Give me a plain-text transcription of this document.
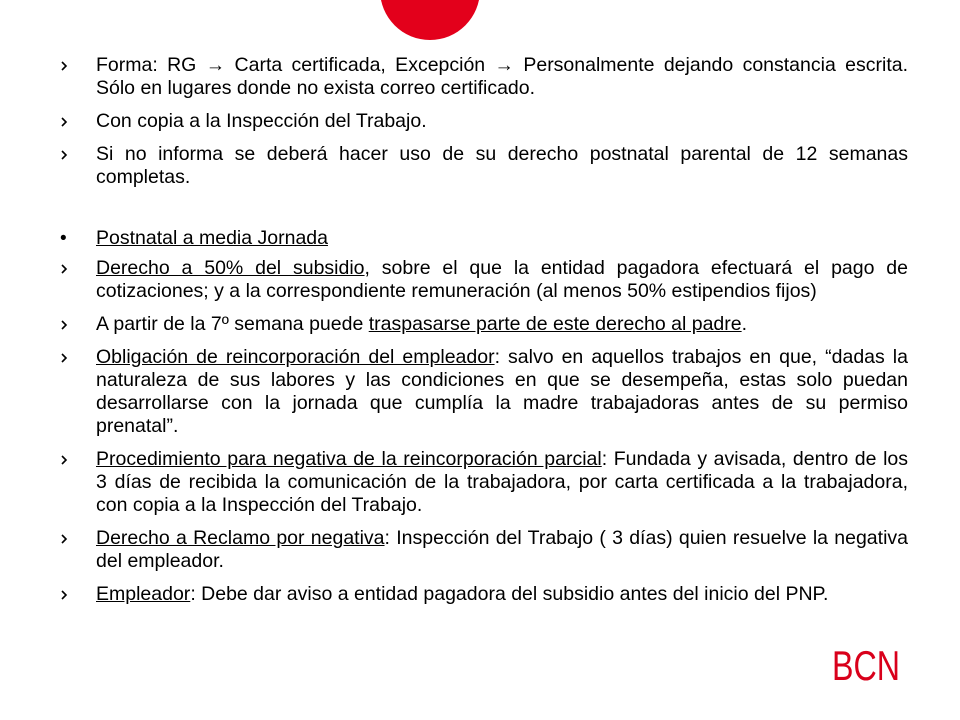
Forma: RG → Carta certificada, Excepción → Personalmente dejando constancia escrita. Sólo en lugares donde no exista correo certificado.
Con copia a la Inspección del Trabajo.
Si no informa se deberá hacer uso de su derecho postnatal parental de 12 semanas completas.
• Postnatal a media Jornada
Derecho a 50% del subsidio, sobre el que la entidad pagadora efectuará el pago de cotizaciones; y a la correspondiente remuneración (al menos 50% estipendios fijos)
A partir de la 7º semana puede traspasarse parte de este derecho al padre.
Obligación de reincorporación del empleador: salvo en aquellos trabajos en que, “dadas la naturaleza de sus labores y las condiciones en que se desempeña, estas solo puedan desarrollarse con la jornada que cumplía la madre trabajadoras antes de su permiso prenatal”.
Procedimiento para negativa de la reincorporación parcial: Fundada y avisada, dentro de los 3 días de recibida la comunicación de la trabajadora, por carta certificada a la trabajadora, con copia a la Inspección del Trabajo.
Derecho a Reclamo por negativa: Inspección del Trabajo ( 3 días) quien resuelve la negativa del empleador.
Empleador: Debe dar aviso a entidad pagadora del subsidio antes del inicio del PNP.
BCN
